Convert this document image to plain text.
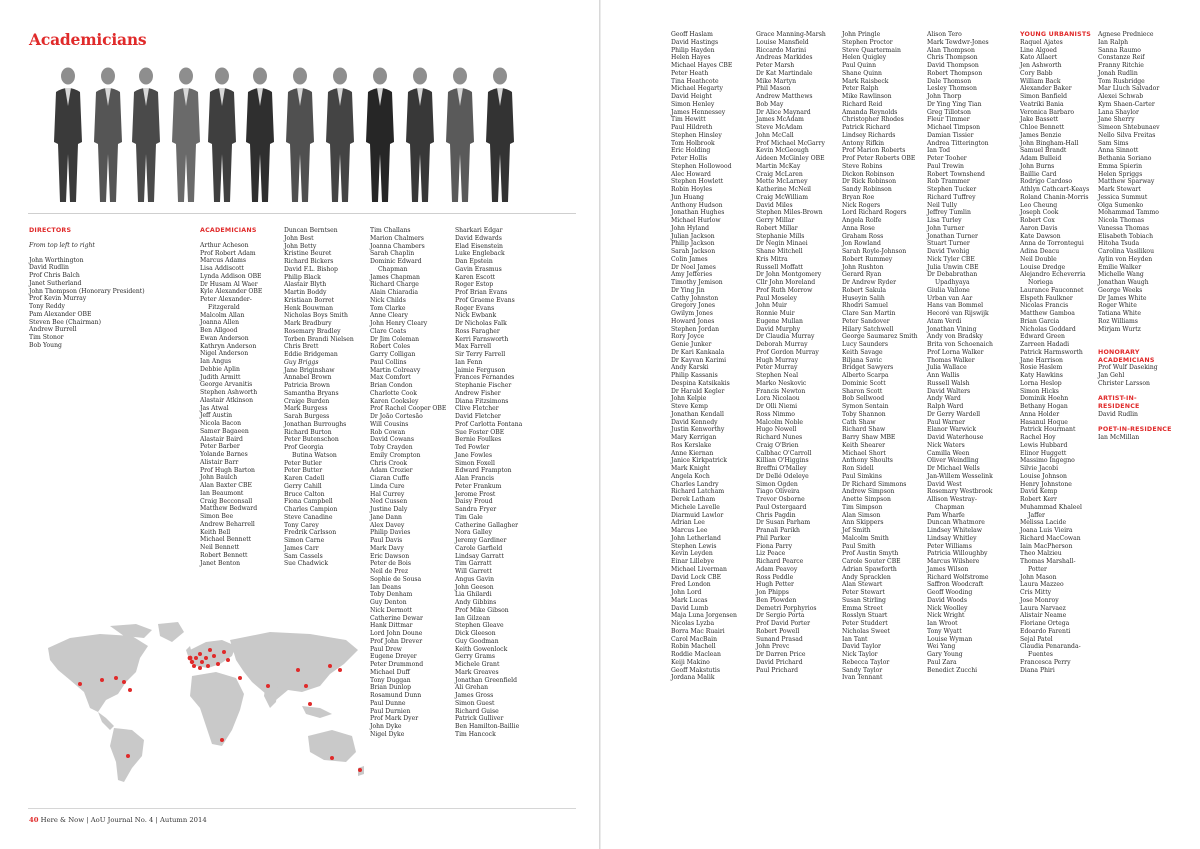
Academicians
DIRECTORS
From top left to right
John Worthington
David Rudlin
Prof Chris Balch
Janet Sutherland
John Thompson (Honorary President)
Prof Kevin Murray
Tony Reddy
Pam Alexander OBE
Steven Bee (Chairman)
Andrew Burrell
Tim Stonor
Bob Young
ACADEMICIANS
Arthur Acheson
Prof Robert Adam
Marcus Adams
Lisa Addiscott
Lynda Addison OBE
Dr Husam Al Waer
Kyle Alexander OBE
Peter Alexander-
Fitzgerald
Malcolm Allan
Joanna Allen
Ben Allgood
Ewan Anderson
Kathryn Anderson
Nigel Anderson
Ian Angus
Debbie Aplin
Judith Armitt
George Arvanitis
Stephen Ashworth
Alastair Atkinson
Jas Atwal
Jeff Austin
Nicola Bacon
Samer Bagaeen
Alastair Baird
Peter Barber
Yolande Barnes
Alistair Barr
Prof Hugh Barton
John Baulch
Alan Baxter CBE
Ian Beaumont
Craig Becconsall
Matthew Bedward
Simon Bee
Andrew Beharrell
Keith Bell
Michael Bennett
Neil Bennett
Robert Bennett
Janet Benton
Duncan Berntsen
John Best
John Betty
Kristine Beuret
Richard Bickers
David F.L. Bishop
Philip Black
Alastair Blyth
Martin Boddy
Kristiaan Borret
Henk Bouwman
Nicholas Boys Smith
Mark Bradbury
Rosemary Bradley
Torben Brandi Nielsen
Chris Brett
Eddie Bridgeman
Guy Briggs
Jane Briginshaw
Annabel Brown
Patricia Brown
Samantha Bryans
Craige Burden
Mark Burgess
Sarah Burgess
Jonathan Burroughs
Richard Burton
Peter Butenschon
Prof Georgia
Butina Watson
Peter Butler
Peter Butter
Karen Cadell
Gerry Cahill
Bruce Calton
Fiona Campbell
Charles Campion
Steve Canadine
Tony Carey
Fredrik Carlsson
Simon Carne
James Carr
Sam Cassels
Sue Chadwick
Tim Challans
Marion Chalmers
Joanna Chambers
Sarah Chaplin
Dominic Edward
Chapman
James Chapman
Richard Charge
Alain Chiaradia
Nick Childs
Tom Clarke
Anne Cleary
John Henry Cleary
Clare Coats
Dr Jim Coleman
Robert Coles
Garry Colligan
Paul Collins
Martin Colreavy
Max Comfort
Brian Condon
Charlotte Cook
Karen Cooksley
Prof Rachel Cooper OBE
Dr João Cortesão
Will Cousins
Rob Cowan
David Cowans
Toby Crayden
Emily Crompton
Chris Crook
Adam Crozier
Ciaran Cuffe
Linda Cure
Hal Currey
Ned Cussen
Justine Daly
Jane Dann
Alex Davey
Philip Davies
Paul Davis
Mark Davy
Eric Dawson
Peter de Bois
Neil de Prez
Sophie de Sousa
Ian Deans
Toby Denham
Guy Denton
Nick Dermott
Catherine Dewar
Hank Dittmar
Lord John Doune
Prof John Drever
Paul Drew
Eugene Dreyer
Peter Drummond
Michael Duff
Tony Duggan
Brian Dunlop
Rosamund Dunn
Paul Dunne
Paul Durnien
Prof Mark Dyer
John Dyke
Nigel Dyke
Sharkari Edgar
David Edwards
Elad Eisenstein
Luke Engleback
Dan Epstein
Gavin Erasmus
Karen Escott
Roger Estop
Prof Brian Evans
Prof Graeme Evans
Roger Evans
Nick Ewbank
Dr Nicholas Falk
Ross Faragher
Kerri Farnsworth
Max Farrell
Sir Terry Farrell
Ian Fenn
Jaimie Ferguson
Frances Fernandes
Stephanie Fischer
Andrew Fisher
Diana Fitzsimons
Clive Fletcher
David Fletcher
Prof Carlotta Fontana
Sue Foster OBE
Bernie Foulkes
Ted Fowler
Jane Fowles
Simon Foxell
Edward Frampton
Alan Francis
Peter Frankum
Jerome Frost
Daisy Froud
Sandra Fryer
Tim Gale
Catherine Gallagher
Nora Galley
Jeremy Gardiner
Carole Garfield
Lindsay Garratt
Tim Garratt
Will Garrett
Angus Gavin
John Geeson
Lia Ghilardi
Andy Gibbins
Prof Mike Gibson
Ian Gilzean
Stephen Gleave
Dick Gleeson
Guy Goodman
Keith Gowenlock
Gerry Grams
Michele Grant
Mark Greaves
Jonathan Greenfield
Ali Grehan
James Gross
Simon Guest
Richard Guise
Patrick Gulliver
Ben Hamilton-Baillie
Tim Hancock
40 Here & Now | AoU Journal No. 4 | Autumn 2014
Geoff Haslam
David Hastings
Philip Hayden
Helen Hayes
Michael Hayes CBE
Peter Heath
Tina Heathcote
Michael Hegarty
David Height
Simon Henley
James Hennessey
Tim Hewitt
Paul Hildreth
Stephen Hinsley
Tom Holbrook
Eric Holding
Peter Hollis
Stephen Hollowood
Alec Howard
Stephen Howlett
Robin Hoyles
Jun Huang
Anthony Hudson
Jonathan Hughes
Michael Hurlow
John Hyland
Julian Jackson
Philip Jackson
Sarah Jackson
Colin James
Dr Noel James
Amy Jefferies
Timothy Jemison
Dr Ying Jin
Cathy Johnston
Gregory Jones
Gwilym Jones
Howard Jones
Stephen Jordan
Rory Joyce
Genie Junker
Dr Kari Kankaala
Dr Kayvan Karimi
Andy Karski
Philip Kassanis
Despina Katsikakis
Dr Harald Kegler
John Kelpie
Steve Kemp
Jonathan Kendall
David Kennedy
Justin Kenworthy
Mary Kerrigan
Ros Kerslake
Anne Kiernan
Janice Kirkpatrick
Mark Knight
Angela Koch
Charles Landry
Richard Latcham
Derek Latham
Michele Lavelle
Diarmuid Lawlor
Adrian Lee
Marcus Lee
John Letherland
Stephen Lewis
Kevin Leyden
Einar Lillebye
Michael Liverman
David Lock CBE
Fred London
John Lord
Mark Lucas
David Lumb
Maja Luna Jorgensen
Nicolas Lyzba
Borra Mac Ruairi
Carol MacBain
Robin Machell
Roddie Maclean
Keiji Makino
Geoff Makstutis
Jordana Malik
Grace Manning-Marsh
Louise Mansfield
Riccardo Marini
Andreas Markides
Peter Marsh
Dr Kat Martindale
Mike Martyn
Phil Mason
Andrew Matthews
Bob May
Dr Alice Maynard
James McAdam
Steve McAdam
John McCall
Prof Michael McGarry
Kevin McGeough
Aideen McGinley OBE
Martin McKay
Craig McLaren
Mette McLarney
Katherine McNeil
Craig McWilliam
David Miles
Stephen Miles-Brown
Gerry Millar
Robert Millar
Stephanie Mills
Dr Negin Minaei
Shane Mitchell
Kris Mitra
Russell Moffatt
Dr John Montgomery
Cllr John Moreland
Prof Ruth Morrow
Paul Moseley
John Muir
Ronnie Muir
Eugene Mullan
David Murphy
Dr Claudia Murray
Deborah Murray
Prof Gordon Murray
Hugh Murray
Peter Murray
Stephen Neal
Marko Neskovic
Francis Newton
Lora Nicolaou
Dr Olli Niemi
Ross Nimmo
Malcolm Noble
Hugo Nowell
Richard Nunes
Craig O'Brien
Calbhac O'Carroll
Killian O'Higgins
Breffni O'Malley
Dr Dellé Odeleye
Simon Ogden
Tiago Oliveira
Trevor Osborne
Paul Ostergaard
Chris Pagdin
Dr Susan Parham
Pranali Parikh
Phil Parker
Fiona Parry
Liz Peace
Richard Pearce
Adam Peavoy
Ross Peddle
Hugh Petter
Jon Phipps
Ben Plowden
Demetri Porphyrios
Dr Sergio Porta
Prof David Porter
Robert Powell
Sunand Prasad
John Prevc
Dr Darren Price
David Prichard
Paul Prichard
John Pringle
Stephen Proctor
Steve Quartermain
Helen Quigley
Paul Quinn
Shane Quinn
Mark Raisbeck
Peter Ralph
Mike Rawlinson
Richard Reid
Amanda Reynolds
Christopher Rhodes
Patrick Richard
Lindsey Richards
Antony Rifkin
Prof Marion Roberts
Prof Peter Roberts OBE
Steve Robins
Dickon Robinson
Dr Rick Robinson
Sandy Robinson
Bryan Roe
Nick Rogers
Lord Richard Rogers
Angela Rolfe
Anna Rose
Graham Ross
Jon Rowland
Sarah Royle-Johnson
Robert Rummey
John Rushton
Gerard Ryan
Dr Andrew Ryder
Robert Sakula
Huseyin Salih
Rhodri Samuel
Clare San Martin
Peter Sandover
Hilary Satchwell
George Saumarez Smith
Lucy Saunders
Keith Savage
Biljana Savic
Bridget Sawyers
Alberto Scarpa
Dominic Scott
Sharon Scott
Bob Sellwood
Symon Sentain
Toby Shannon
Cath Shaw
Richard Shaw
Barry Shaw MBE
Keith Shearer
Michael Short
Anthony Shoults
Ron Sidell
Paul Simkins
Dr Richard Simmons
Andrew Simpson
Anette Simpson
Tim Simpson
Alan Simson
Ann Skippers
Jef Smith
Malcolm Smith
Paul Smith
Prof Austin Smyth
Carole Souter CBE
Adrian Spawforth
Andy Spracklen
Alan Stewart
Peter Stewart
Susan Stirling
Emma Street
Rosslyn Stuart
Peter Studdert
Nicholas Sweet
Ian Tant
David Taylor
Nick Taylor
Rebecca Taylor
Sandy Taylor
Ivan Tennant
Alison Tero
Mark Tewdwr-Jones
Alan Thompson
Chris Thompson
David Thompson
Robert Thompson
Dale Thomson
Lesley Thomson
John Thorp
Dr Ying Ying Tian
Greg Tillotson
Fleur Timmer
Michael Timpson
Damian Tissier
Andrea Titterington
Ian Tod
Peter Tooher
Paul Trewin
Robert Townshend
Rob Trammer
Stephen Tucker
Richard Tuffrey
Neil Tully
Jeffrey Tumlin
Lisa Turley
John Turner
Jonathan Turner
Stuart Turner
David Twohig
Nick Tyler CBE
Julia Unwin CBE
Dr Debabrathan
Upadhyaya
Giulia Vallone
Urban van Aar
Hans van Bommel
Hecoré van Rijswijk
Atam Verdi
Jonathan Vining
Andy von Bradsky
Brita von Schoenaich
Prof Lorna Walker
Thomas Walker
Julia Wallace
Ann Wallis
Russell Walsh
David Walters
Andy Ward
Ralph Ward
Dr Gerry Wardell
Paul Warner
Elanor Warwick
David Waterhouse
Nick Waters
Camilla Ween
Oliver Weindling
Dr Michael Wells
Jan-Willem Wesselink
David West
Rosemary Westbrook
Allison Westray-
Chapman
Pam Wharfe
Duncan Whatmore
Lindsey Whitelaw
Lindsay Whitley
Peter Williams
Patricia Willoughby
Marcus Wilshere
James Wilson
Richard Wolfstrome
Saffron Woodcraft
Geoff Wooding
David Woods
Nick Woolley
Nick Wright
Ian Wroot
Tony Wyatt
Louise Wyman
Wei Yang
Gary Young
Paul Zara
Benedict Zucchi
YOUNG URBANISTS
Raquel Ajates
Line Algoed
Kato Allaert
Jen Ashworth
Cory Babb
William Back
Alexander Baker
Simon Banfield
Veatriki Bania
Veronica Barbaro
Jake Bassett
Chloe Bennett
James Benzie
John Bingham-Hall
Samuel Brandt
Adam Bulleid
John Burns
Baillie Card
Rodrigo Cardoso
Athlyn Cathcart-Keays
Roland Chanin-Morris
Leo Cheung
Joseph Cook
Robert Cox
Aaron Davis
Kate Dawson
Anna de Torrontegui
Adina Deacu
Neil Double
Louise Dredge
Alejandro Echeverria
Noriega
Laurance Fauconnet
Elspeth Faulkner
Nicolas Francis
Matthew Gamboa
Brian Garcia
Nicholas Goddard
Edward Green
Zarreen Hadadi
Patrick Harmsworth
Jane Harrison
Rosie Haslem
Katy Hawkins
Lorna Heslop
Simon Hicks
Dominik Hoehn
Bethany Hogan
Anna Holder
Hasanul Hoque
Patrick Hourmant
Rachel Hoy
Lewis Hubbard
Elinor Huggett
Massimo Ingegno
Silvie Jacobi
Louise Johnson
Henry Johnstone
David Kemp
Robert Kerr
Muhammad Khaleel
Jaffer
Melissa Lacide
Joana Luis Vieira
Richard MacCowan
Iain MacPherson
Theo Malzieu
Thomas Marshall-
Potter
John Mason
Laura Mazzeo
Cris Mitty
Jose Monroy
Laura Narvaez
Alistair Neame
Floriane Ortega
Edoardo Farenti
Sejal Patel
Claudia Penaranda-
Fuentes
Francesca Perry
Diana Phiri
Agnese Predniece
Ian Ralph
Sanna Raumo
Constanze Reif
Franny Ritchie
Jonah Rudlin
Tom Rusbridge
Mar Lluch Salvador
Alexei Schwab
Kym Shaen-Carter
Lana Shaylor
Jane Sherry
Simeon Shtebunaev
Nello Silva Freitas
Sam Sims
Anna Sinnott
Bethania Soriano
Emma Spierin
Helen Spriggs
Matthew Sparway
Mark Stewart
Jessica Summut
Olga Sumenko
Mohammad Tammo
Nicola Thomas
Vanessa Thomas
Elisabeth Tobiach
Hitoha Tsuda
Carolina Vasilikou
Aylin von Heyden
Emilie Walker
Michelle Wang
Jonathan Waugh
George Weeks
Dr James White
Roger White
Tatiana White
Roz Williams
Mirjam Wurtz
HONORARY
ACADEMICIANS
Prof Wulf Daseking
Jan Gehl
Christer Larsson
ARTIST-IN-
RESIDENCE
David Rudlin
POET-IN-RESIDENCE
Ian McMillan
